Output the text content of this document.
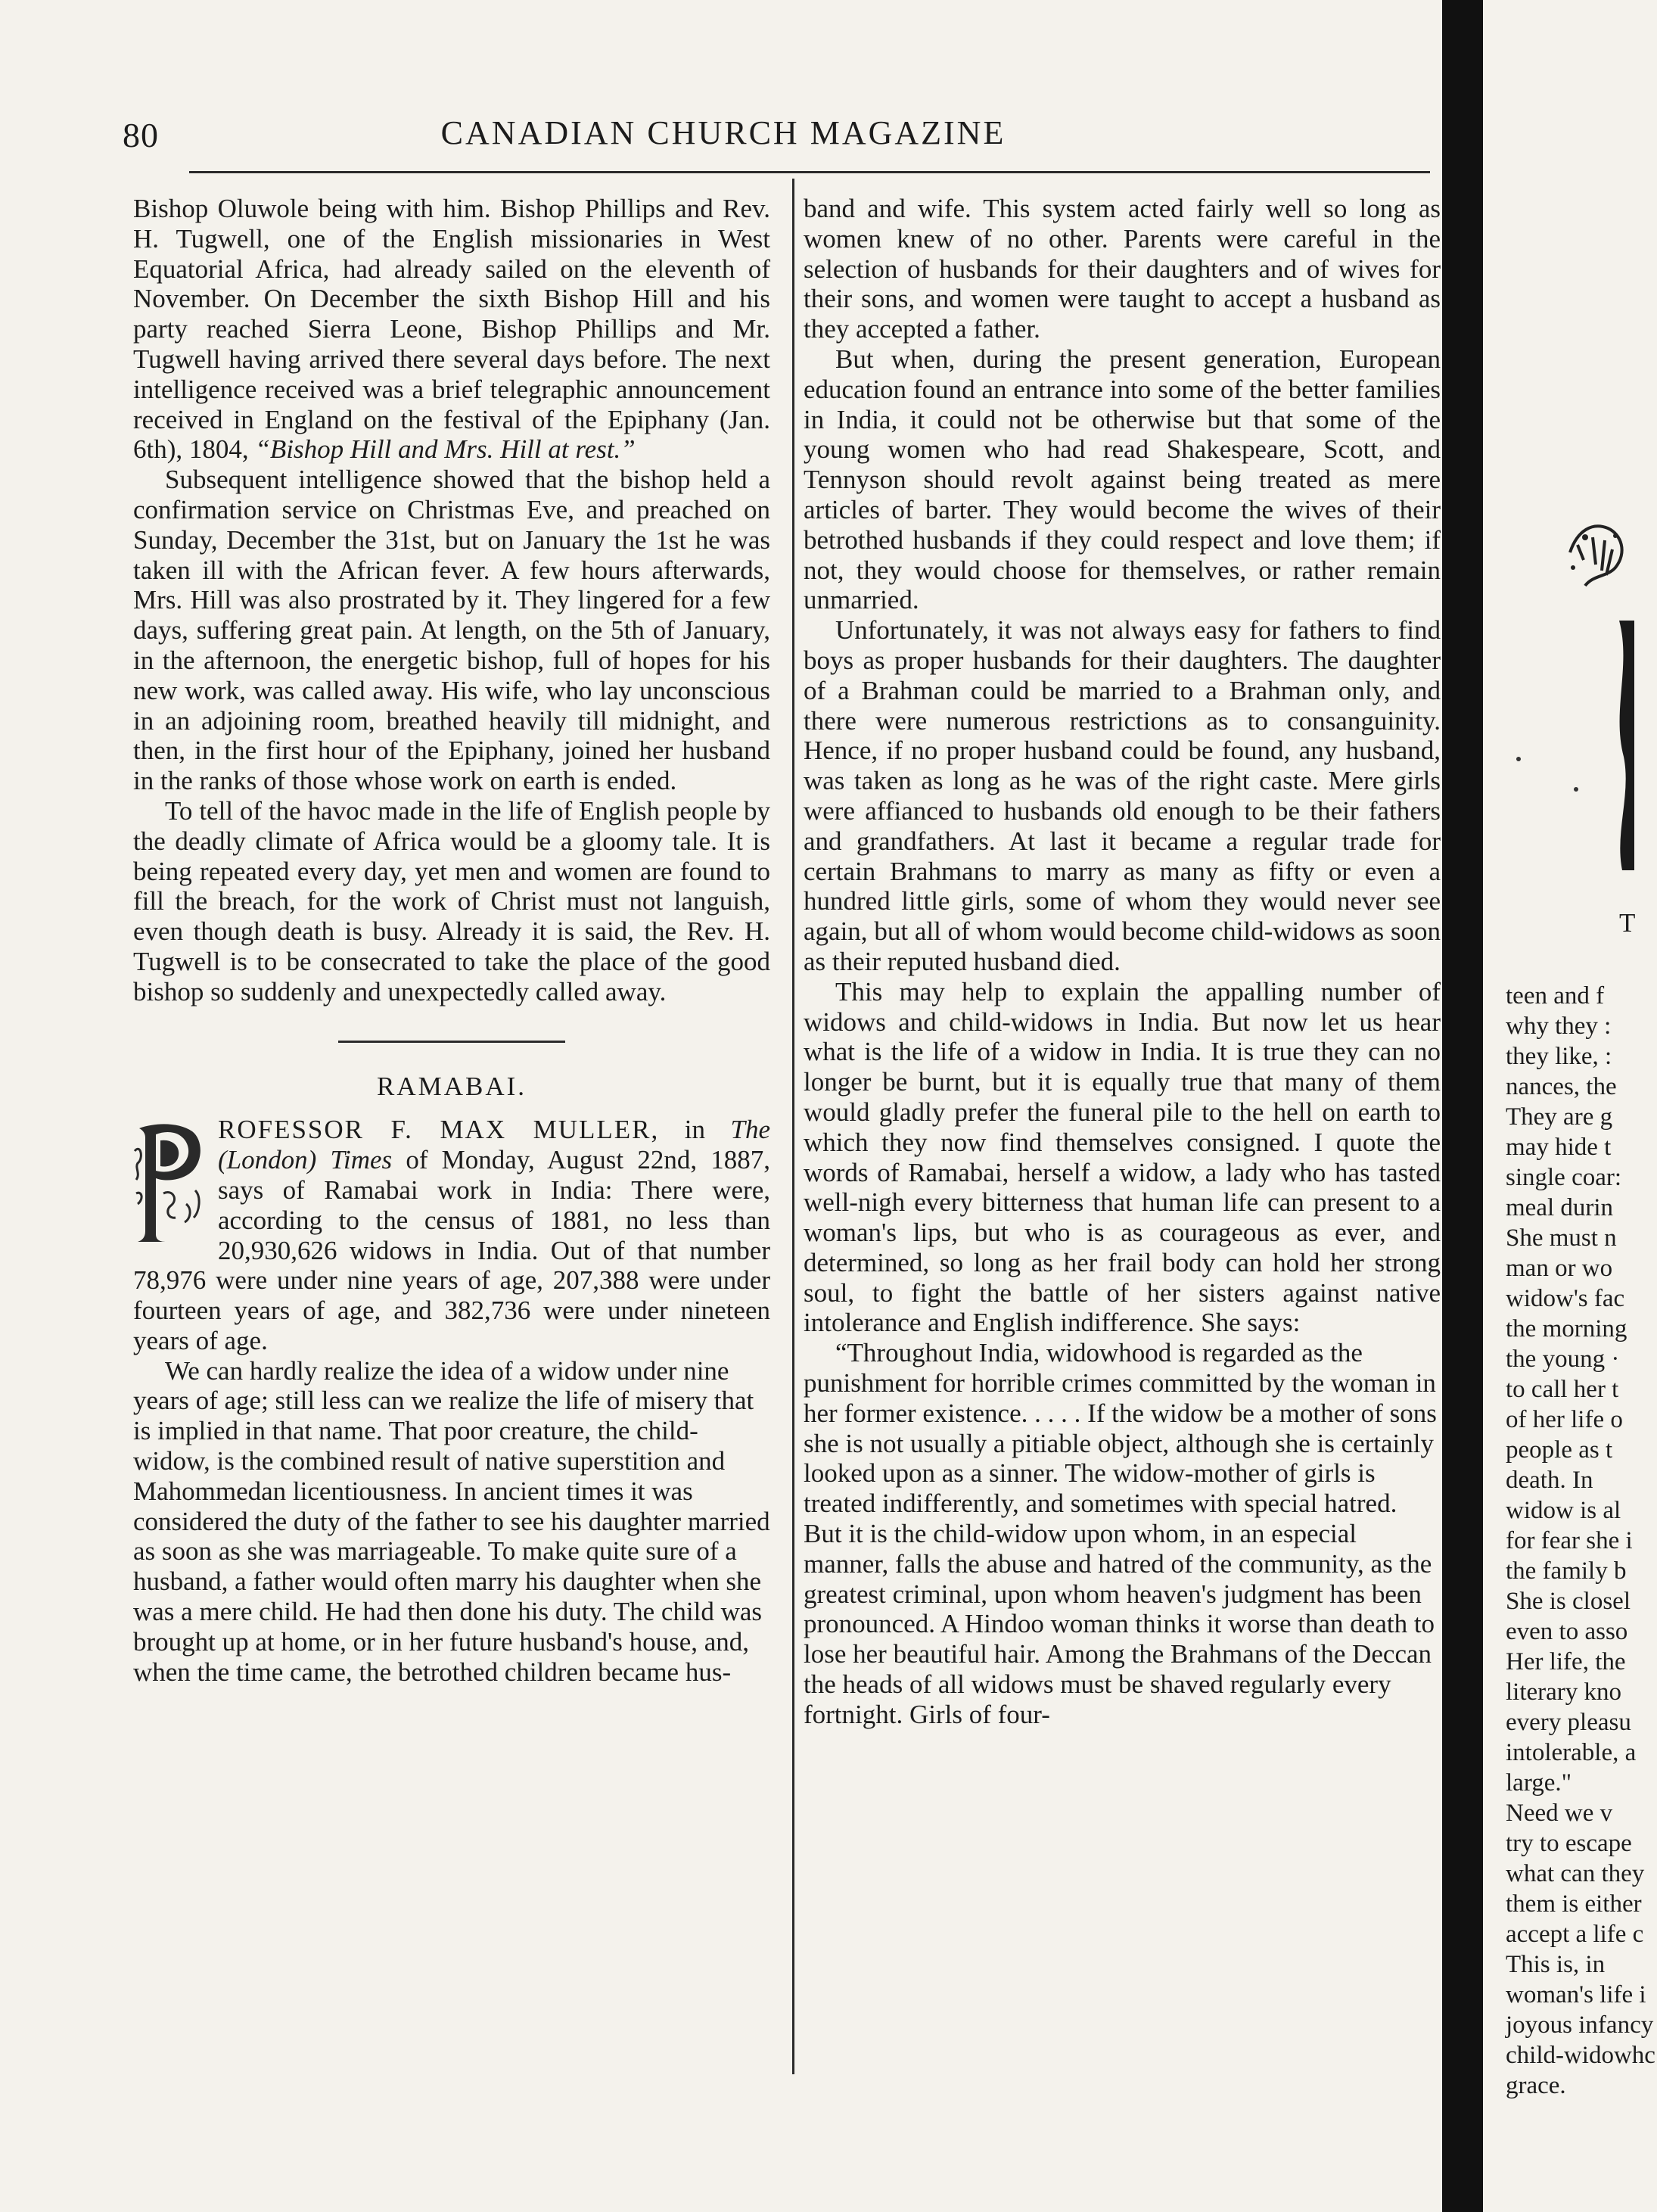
80	CANADIAN CHURCH MAGAZINE

Bishop Oluwole being with him. Bishop Phillips and Rev. H. Tugwell, one of the English missionaries in West Equatorial Africa, had already sailed on the eleventh of November. On December the sixth Bishop Hill and his party reached Sierra Leone, Bishop Phillips and Mr. Tugwell having arrived there several days before. The next intelligence received was a brief telegraphic announcement received in England on the festival of the Epiphany (Jan. 6th), 1804, “Bishop Hill and Mrs. Hill at rest.”

Subsequent intelligence showed that the bishop held a confirmation service on Christmas Eve, and preached on Sunday, December the 31st, but on January the 1st he was taken ill with the African fever. A few hours afterwards, Mrs. Hill was also prostrated by it. They lingered for a few days, suffering great pain. At length, on the 5th of January, in the afternoon, the energetic bishop, full of hopes for his new work, was called away. His wife, who lay unconscious in an adjoining room, breathed heavily till midnight, and then, in the first hour of the Epiphany, joined her husband in the ranks of those whose work on earth is ended.

To tell of the havoc made in the life of English people by the deadly climate of Africa would be a gloomy tale. It is being repeated every day, yet men and women are found to fill the breach, for the work of Christ must not languish, even though death is busy. Already it is said, the Rev. H. Tugwell is to be consecrated to take the place of the good bishop so suddenly and unexpectedly called away.

RAMABAI.

ROFESSOR F. MAX MULLER, in The (London) Times of Monday, August 22nd, 1887, says of Ramabai work in India: There were, according to the census of 1881, no less than 20,930,626 widows in India. Out of that number 78,976 were under nine years of age, 207,388 were under fourteen years of age, and 382,736 were under nineteen years of age.

We can hardly realize the idea of a widow under nine years of age; still less can we realize the life of misery that is implied in that name. That poor creature, the child-widow, is the combined result of native superstition and Mahommedan licentiousness. In ancient times it was considered the duty of the father to see his daughter married as soon as she was marriageable. To make quite sure of a husband, a father would often marry his daughter when she was a mere child. He had then done his duty. The child was brought up at home, or in her future husband's house, and, when the time came, the betrothed children became hus-

band and wife. This system acted fairly well so long as women knew of no other. Parents were careful in the selection of husbands for their daughters and of wives for their sons, and women were taught to accept a husband as they accepted a father.

But when, during the present generation, European education found an entrance into some of the better families in India, it could not be otherwise but that some of the young women who had read Shakespeare, Scott, and Tennyson should revolt against being treated as mere articles of barter. They would become the wives of their betrothed husbands if they could respect and love them; if not, they would choose for themselves, or rather remain unmarried.

Unfortunately, it was not always easy for fathers to find boys as proper husbands for their daughters. The daughter of a Brahman could be married to a Brahman only, and there were numerous restrictions as to consanguinity. Hence, if no proper husband could be found, any husband, was taken as long as he was of the right caste. Mere girls were affianced to husbands old enough to be their fathers and grandfathers. At last it became a regular trade for certain Brahmans to marry as many as fifty or even a hundred little girls, some of whom they would never see again, but all of whom would become child-widows as soon as their reputed husband died.

This may help to explain the appalling number of widows and child-widows in India. But now let us hear what is the life of a widow in India. It is true they can no longer be burnt, but it is equally true that many of them would gladly prefer the funeral pile to the hell on earth to which they now find themselves consigned. I quote the words of Ramabai, herself a widow, a lady who has tasted well-nigh every bitterness that human life can present to a woman's lips, but who is as courageous as ever, and determined, so long as her frail body can hold her strong soul, to fight the battle of her sisters against native intolerance and English indifference. She says:

“Throughout India, widowhood is regarded as the punishment for horrible crimes committed by the woman in her former existence. . . . . If the widow be a mother of sons she is not usually a pitiable object, although she is certainly looked upon as a sinner. The widow-mother of girls is treated indifferently, and sometimes with special hatred. But it is the child-widow upon whom, in an especial manner, falls the abuse and hatred of the community, as the greatest criminal, upon whom heaven's judgment has been pronounced. A Hindoo woman thinks it worse than death to lose her beautiful hair. Among the Brahmans of the Deccan the heads of all widows must be shaved regularly every fortnight. Girls of four-

T
teen and f
why they :
they like, :
nances, the
They are g
may hide t
single coar:
meal durin
She must n
man or wo
widow's fac
the morning
the young ·
to call her t
of her life o
people as t
death. In
widow is al
for fear she i
the family b
She is closel
even to asso
Her life, the
literary kno
every pleasu
intolerable, a
large."
Need we v
try to escape
what can they
them is either
accept a life c
This is, in
woman's life i
joyous infancy
child-widowhc
grace.
